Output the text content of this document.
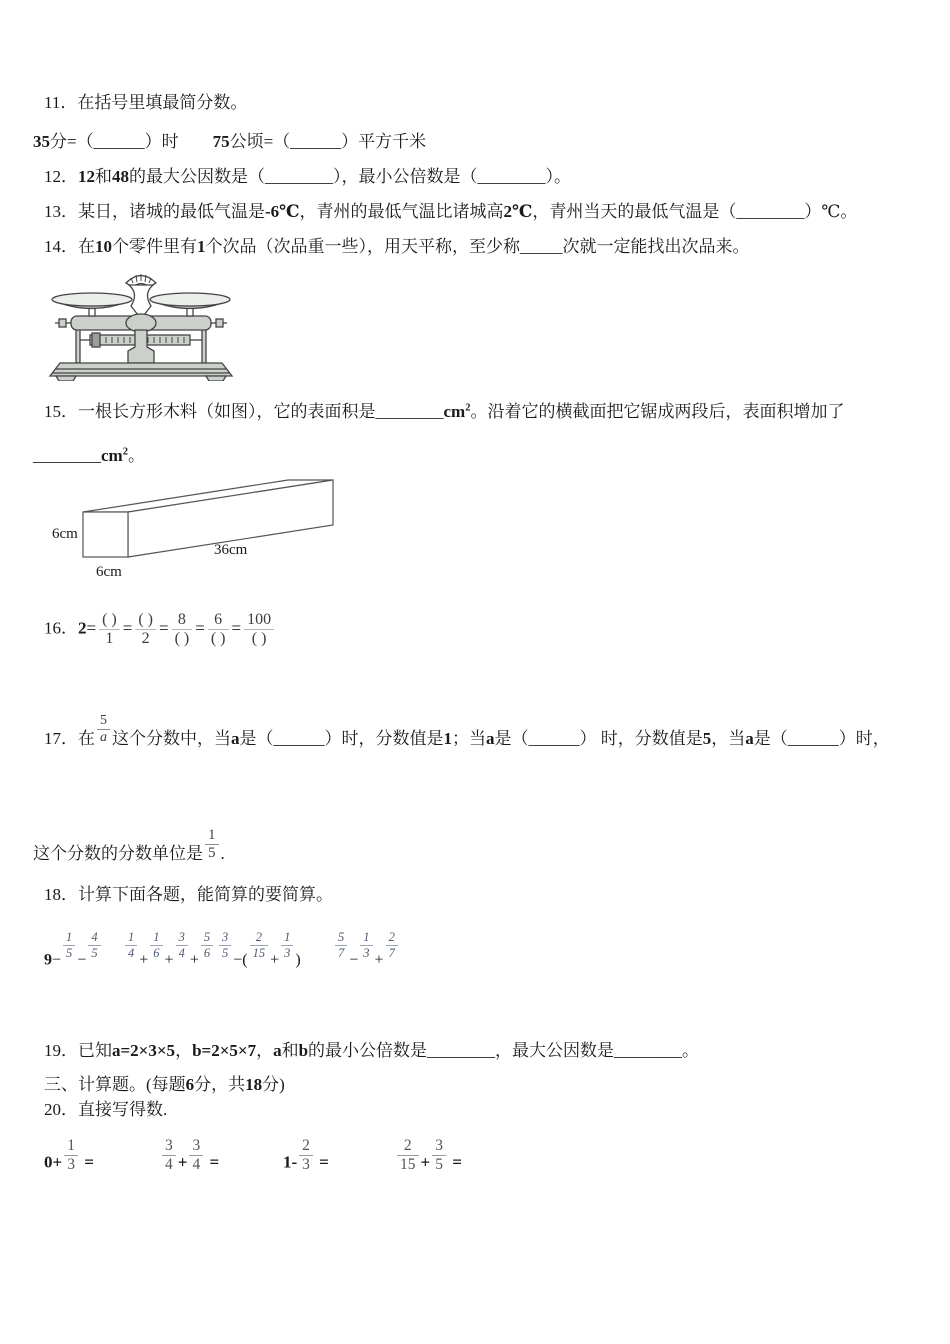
11．在括号里填最简分数。
35分=（______）时　　75公顷=（______）平方千米
12．12和48的最大公因数是（________），最小公倍数是（________）。
13．某日，诸城的最低气温是-6℃，青州的最低气温比诸城高2℃，青州当天的最低气温是（________）℃。
14．在10个零件里有1个次品（次品重一些），用天平称，至少称_____次就一定能找出次品来。
15．一根长方形木料（如图），它的表面积是$\_\_\_\_\_\_\_\_cm^2$。沿着它的横截面把它锯成两段后，表面积增加了
$\_\_\_\_\_\_\_\_cm^2$。
6cm
6cm
36cm
16．$2= \frac{( )}{1} = \frac{( )}{2} = \frac{8}{( )} = \frac{6}{( )} = \frac{100}{( )}$
17．在 $\frac{5}{a}$ 这个分数中，当a是（______）时，分数值是1；当a是（______） 时，分数值是5，当a是（______）时，
这个分数的分数单位是 $\frac{1}{5}$ .
18．计算下面各题，能简算的要简算。
9−
$\frac{1}{5}$
−
$\frac{4}{5} \frac{1}{4}$
+
$\frac{1}{6}$
+
$\frac{3}{4}$
+
$\frac{5}{6} \frac{3}{5}$
−(
$\frac{2}{15}$
+
$\frac{1}{3}$
)
$\frac{5}{7}$
−
$\frac{1}{3}$
+
$\frac{2}{7}$
19．已知a=2×3×5，b=2×5×7，a和b的最小公倍数是________，最大公因数是________。
三、计算题。(每题6分，共18分)
20．直接写得数.
$0+ \frac{1}{3}$ =	$\frac{3}{4} + \frac{3}{4}$ =	$1- \frac{2}{3}$ =	$\frac{2}{15} + \frac{3}{5}$ =
